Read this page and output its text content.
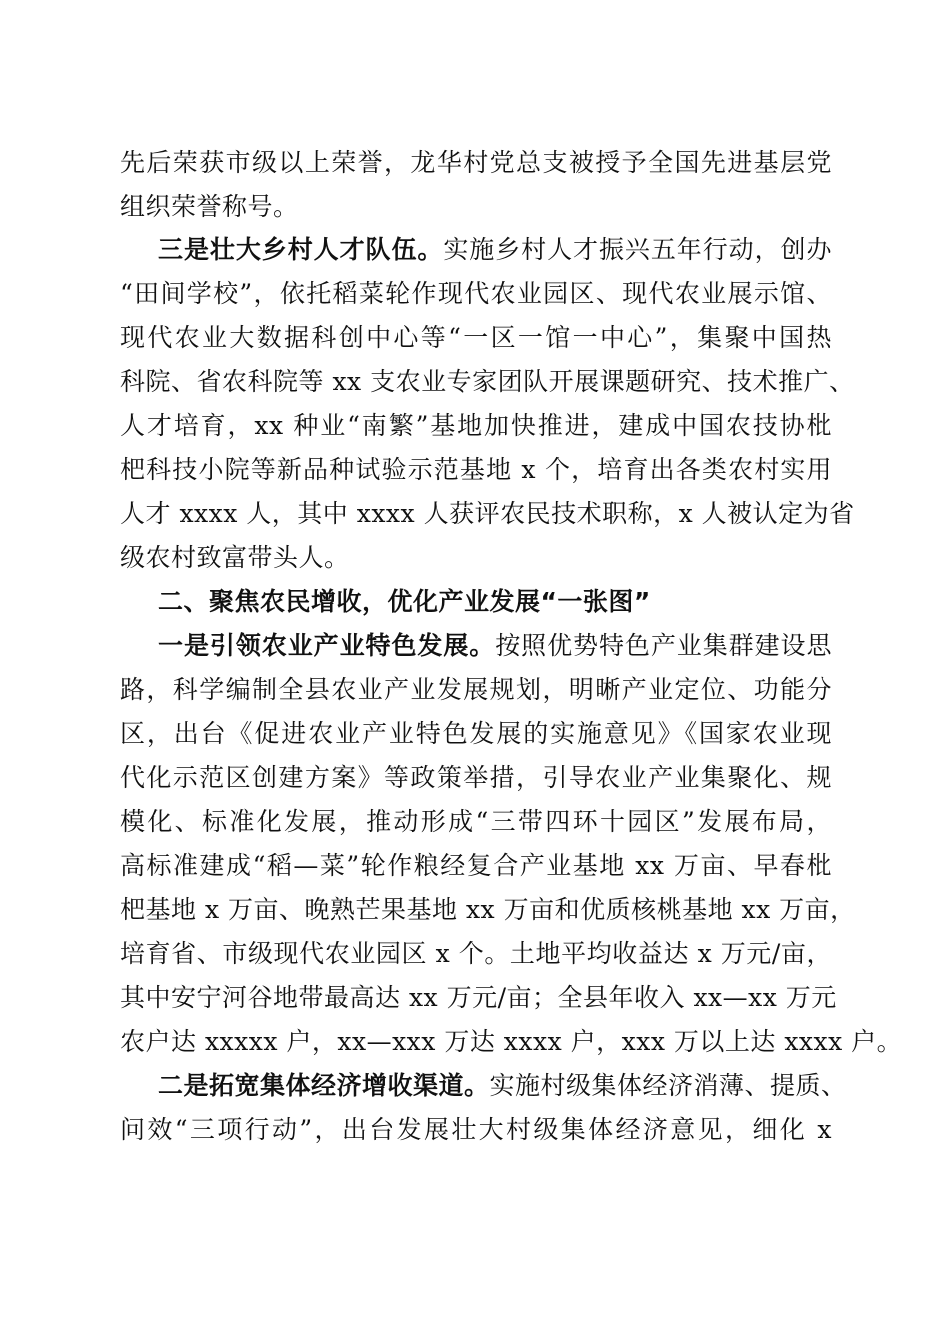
先后荣获市级以上荣誉，龙华村党总支被授予全国先进基层党
组织荣誉称号。
三是壮大乡村人才队伍。实施乡村人才振兴五年行动，创办
“田间学校”，依托稻菜轮作现代农业园区、现代农业展示馆、
现代农业大数据科创中心等“一区一馆一中心”，集聚中国热
科院、省农科院等 xx 支农业专家团队开展课题研究、技术推广、
人才培育，xx 种业“南繁”基地加快推进，建成中国农技协枇
杷科技小院等新品种试验示范基地 x 个，培育出各类农村实用
人才 xxxx 人，其中 xxxx 人获评农民技术职称，x 人被认定为省
级农村致富带头人。
二、聚焦农民增收，优化产业发展“一张图”
一是引领农业产业特色发展。按照优势特色产业集群建设思
路，科学编制全县农业产业发展规划，明晰产业定位、功能分
区，出台《促进农业产业特色发展的实施意见》《国家农业现
代化示范区创建方案》等政策举措，引导农业产业集聚化、规
模化、标准化发展，推动形成“三带四环十园区”发展布局，
高标准建成“稻—菜”轮作粮经复合产业基地 xx 万亩、早春枇
杷基地 x 万亩、晚熟芒果基地 xx 万亩和优质核桃基地 xx 万亩，
培育省、市级现代农业园区 x 个。土地平均收益达 x 万元/亩，
其中安宁河谷地带最高达 xx 万元/亩；全县年收入 xx—xx 万元
农户达 xxxxx 户，xx—xxx 万达 xxxx 户，xxx 万以上达 xxxx 户。
二是拓宽集体经济增收渠道。实施村级集体经济消薄、提质、
问效“三项行动”，出台发展壮大村级集体经济意见，细化 x
